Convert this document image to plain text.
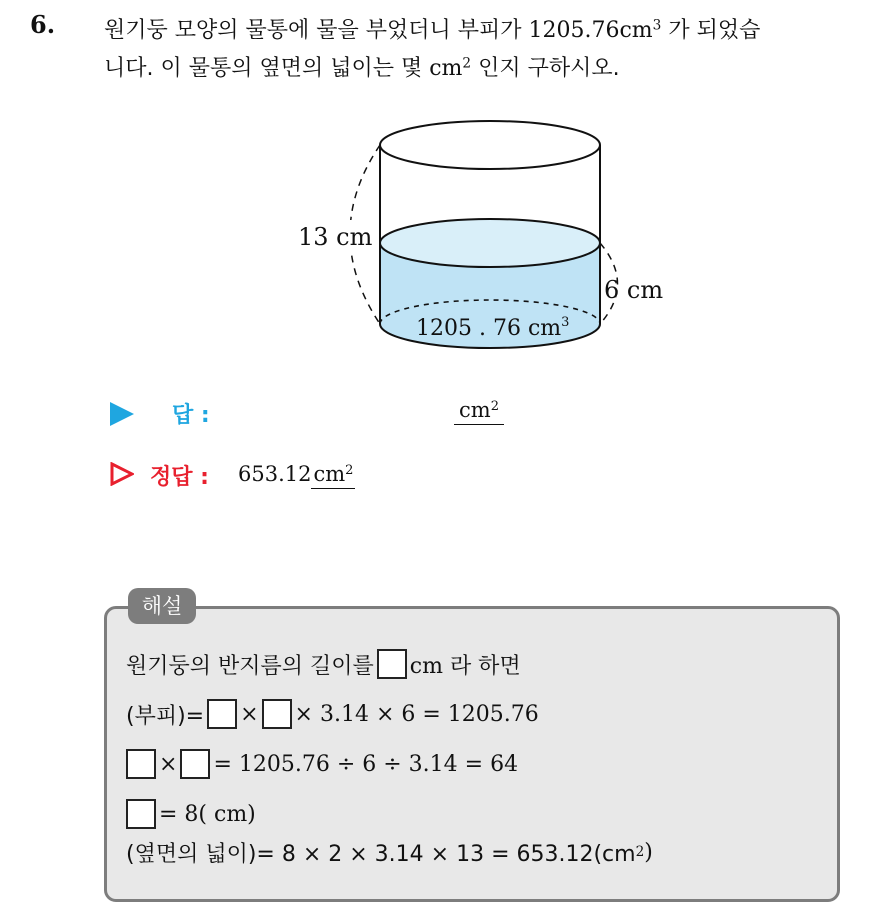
6. 원기둥 모양의 물통에 물을 부었더니 부피가 $1205.76cm^3$ 가 되었습
니다. 이 물통의 옆면의 넓이는 몇 $cm^2$ 인지 구하시오.
13 cm
6 cm
1205 . 76 $cm^3$
답 :	$cm^2$
정답 : $653.12cm^2$
해설
원기둥의 반지름의 길이를 cm 라 하면
(부피)= × × 3.14 × 6 = 1205.76
× = 1205.76 ÷ 6 ÷ 3.14 = 64
= 8( cm)
(옆면의 넓이)= 8 × 2 × 3.14 × 13 = 653.12(cm 2 )
